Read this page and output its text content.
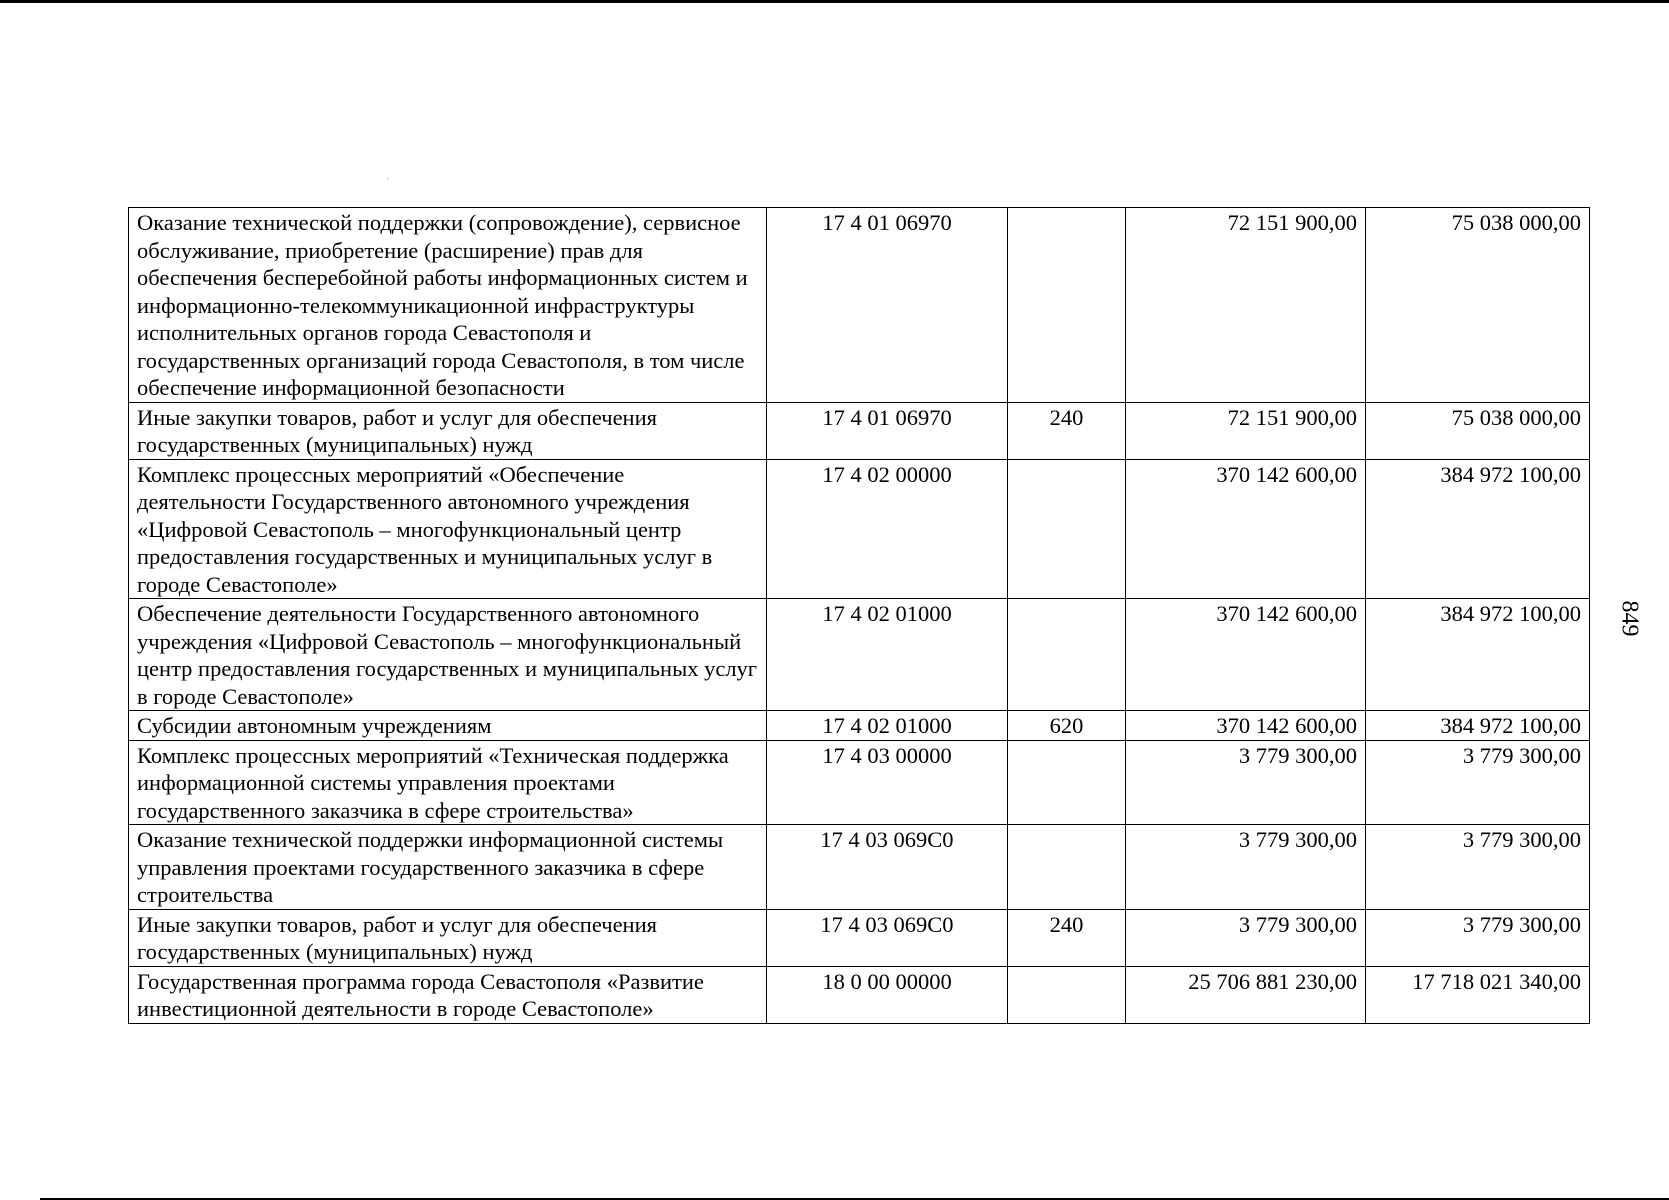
Оказание технической поддержки (сопровождение), сервисное обслуживание, приобретение (расширение) прав для обеспечения бесперебойной работы информационных систем и информационно-телекоммуникационной инфраструктуры исполнительных органов города Севастополя и государственных организаций города Севастополя, в том числе обеспечение информационной безопасности	17 4 01 06970		72 151 900,00	75 038 000,00
Иные закупки товаров, работ и услуг для обеспечения государственных (муниципальных) нужд	17 4 01 06970	240	72 151 900,00	75 038 000,00
Комплекс процессных мероприятий «Обеспечение деятельности Государственного автономного учреждения «Цифровой Севастополь – многофункциональный центр предоставления государственных и муниципальных услуг в городе Севастополе»	17 4 02 00000		370 142 600,00	384 972 100,00
Обеспечение деятельности Государственного автономного учреждения «Цифровой Севастополь – многофункциональный центр предоставления государственных и муниципальных услуг в городе Севастополе»	17 4 02 01000		370 142 600,00	384 972 100,00
Субсидии автономным учреждениям	17 4 02 01000	620	370 142 600,00	384 972 100,00
Комплекс процессных мероприятий «Техническая поддержка информационной системы управления проектами государственного заказчика в сфере строительства»	17 4 03 00000		3 779 300,00	3 779 300,00
Оказание технической поддержки информационной системы управления проектами государственного заказчика в сфере строительства	17 4 03 069C0		3 779 300,00	3 779 300,00
Иные закупки товаров, работ и услуг для обеспечения государственных (муниципальных) нужд	17 4 03 069C0	240	3 779 300,00	3 779 300,00
Государственная программа города Севастополя «Развитие инвестиционной деятельности в городе Севастополе»	18 0 00 00000		25 706 881 230,00	17 718 021 340,00
849
